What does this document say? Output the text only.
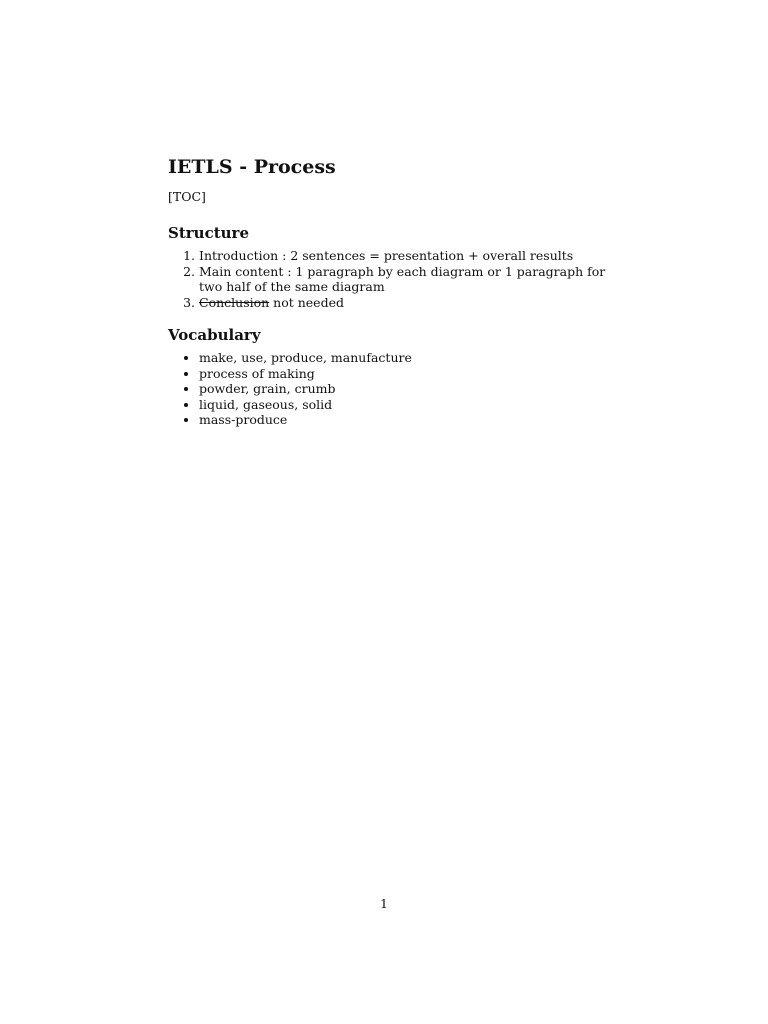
IETLS - Process

[TOC]

Structure
1. Introduction : 2 sentences = presentation + overall results
2. Main content : 1 paragraph by each diagram or 1 paragraph for two half of the same diagram
3. Conclusion not needed
Vocabulary
• make, use, produce, manufacture
• process of making
• powder, grain, crumb
• liquid, gaseous, solid
• mass-produce
1
